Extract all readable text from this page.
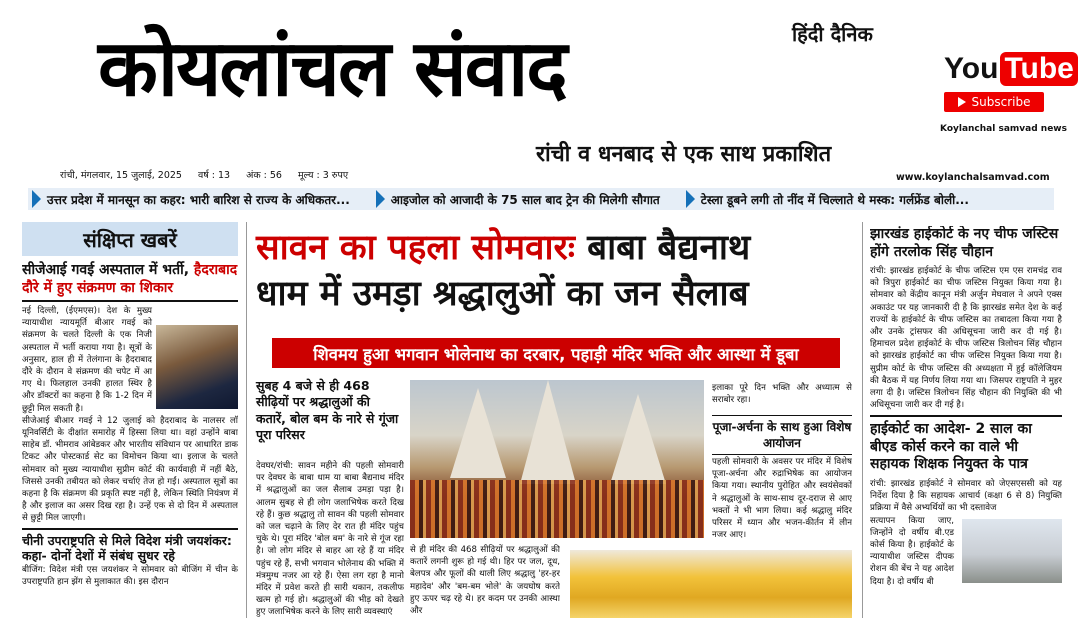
हिंदी दैनिक
कोयलांचल संवाद
रांची व धनबाद से एक साथ प्रकाशित
You Tube
Subscribe
Koylanchal samvad news
रांची, मंगलवार, 15 जुलाई, 2025 वर्ष : 13 अंक : 56 मूल्य : 3 रुपए	www.koylanchalsamvad.com
उत्तर प्रदेश में मानसून का कहर: भारी बारिश से राज्य के अधिकतर...	आइजोल को आजादी के 75 साल बाद ट्रेन की मिलेगी सौगात	टेस्ला डूबने लगी तो नींद में चिल्लाते थे मस्क: गर्लफ्रेंड बोली...
संक्षिप्त खबरें
सीजेआई गवई अस्पताल में भर्ती, हैदराबाद दौरे में हुए संक्रमण का शिकार
नई दिल्ली, (ईएमएस)। देश के मुख्य न्यायाधीश न्यायमूर्ति बीआर गवई को संक्रमण के चलते दिल्ली के एक निजी अस्पताल में भर्ती कराया गया है। सूत्रों के अनुसार, हाल ही में तेलंगाना के हैदराबाद दौरे के दौरान वे संक्रमण की चपेट में आ गए थे। फिलहाल उनकी हालत स्थिर है और डॉक्टरों का कहना है कि 1-2 दिन में छुट्टी मिल सकती है।
सीजेआई बीआर गवई ने 12 जुलाई को हैदराबाद के नालसर लॉ यूनिवर्सिटी के दीक्षांत समारोह में हिस्सा लिया था। वहां उन्होंने बाबा साहेब डॉ. भीमराव आंबेडकर और भारतीय संविधान पर आधारित डाक टिकट और पोस्टकार्ड सेट का विमोचन किया था। इलाज के चलते सोमवार को मुख्य न्यायाधीश सुप्रीम कोर्ट की कार्यवाही में नहीं बैठे, जिससे उनकी तबीयत को लेकर चर्चाएं तेज हो गईं। अस्पताल सूत्रों का कहना है कि संक्रमण की प्रकृति स्पष्ट नहीं है, लेकिन स्थिति नियंत्रण में है और इलाज का असर दिख रहा है। उन्हें एक से दो दिन में अस्पताल से छुट्टी मिल जाएगी।
चीनी उपराष्ट्रपति से मिले विदेश मंत्री जयशंकर: कहा- दोनों देशों में संबंध सुधर रहे
बीजिंग: विदेश मंत्री एस जयशंकर ने सोमवार को बीजिंग में चीन के उपराष्ट्रपति हान झेंग से मुलाकात की। इस दौरान
सावन का पहला सोमवारः बाबा बैद्यनाथ
धाम में उमड़ा श्रद्धालुओं का जन सैलाब
शिवमय हुआ भगवान भोलेनाथ का दरबार, पहाड़ी मंदिर भक्ति और आस्था में डूबा
सुबह 4 बजे से ही 468 सीढ़ियों पर श्रद्धालुओं की कतारें, बोल बम के नारे से गूंजा पूरा परिसर
देवघर/रांची: सावन महीने की पहली सोमवारी पर देवघर के बाबा धाम या बाबा बैद्यनाथ मंदिर में श्रद्धालुओं का जल सैलाब उमड़ा पड़ा है। आलम सुबह से ही लोग जलाभिषेक करते दिख रहे हैं। कुछ श्रद्धालु तो सावन की पहली सोमवार को जल चढ़ाने के लिए देर रात ही मंदिर पहुंच चुके थे। पूरा मंदिर 'बोल बम' के नारे से गूंज रहा है। जो लोग मंदिर से बाहर आ रहे हैं या मंदिर पहुंच रहे हैं, सभी भगवान भोलेनाथ की भक्ति में मंत्रमुग्ध नजर आ रहे हैं। ऐसा लग रहा है मानो मंदिर में प्रवेश करते ही सारी थकान, तकलीफ खत्म हो गई हो। श्रद्धालुओं की भीड़ को देखते हुए जलाभिषेक करने के लिए सारी व्यवस्थाएं
इलाका पूरे दिन भक्ति और अध्यात्म से सराबोर रहा।
पूजा-अर्चना के साथ हुआ विशेष आयोजन
पहली सोमवारी के अवसर पर मंदिर में विशेष पूजा-अर्चना और रुद्राभिषेक का आयोजन किया गया। स्थानीय पुरोहित और स्वयंसेवकों ने श्रद्धालुओं के साथ-साथ दूर-दराज से आए भक्तों ने भी भाग लिया। कई श्रद्धालु मंदिर परिसर में ध्यान और भजन-कीर्तन में लीन नजर आए।
से ही मंदिर की 468 सीढ़ियों पर श्रद्धालुओं की कतारें लगनी शुरू हो गई थी। हिर पर जल, दूध, बेलपत्र और फूलों की थाली लिए श्रद्धालु 'हर-हर महादेव' और 'बम-बम भोले' के जयघोष करते हुए ऊपर चढ़ रहे थे। हर कदम पर उनकी आस्था और
झारखंड हाईकोर्ट के नए चीफ जस्टिस होंगे तरलोक सिंह चौहान
रांची: झारखंड हाईकोर्ट के चीफ जस्टिस एम एस रामचंद्र राव को त्रिपुरा हाईकोर्ट का चीफ जस्टिस नियुक्त किया गया है। सोमवार को केंद्रीय कानून मंत्री अर्जुन मेघवाल ने अपने एक्स अकाउंट पर यह जानकारी दी है कि झारखंड समेत देश के कई राज्यों के हाईकोर्ट के चीफ जस्टिस का तबादला किया गया है और उनके ट्रांसफर की अधिसूचना जारी कर दी गई है। हिमाचल प्रदेश हाईकोर्ट के चीफ जस्टिस त्रिलोचन सिंह चौहान को झारखंड हाईकोर्ट का चीफ जस्टिस नियुक्त किया गया है। सुप्रीम कोर्ट के चीफ जस्टिस की अध्यक्षता में हुई कॉलेजियम की बैठक में यह निर्णय लिया गया था। जिसपर राष्ट्रपति ने मुहर लगा दी है। जस्टिस त्रिलोचन सिंह चौहान की नियुक्ति की भी अधिसूचना जारी कर दी गई है।
हाईकोर्ट का आदेश- 2 साल का बीएड कोर्स करने का वाले भी सहायक शिक्षक नियुक्त के पात्र
रांची: झारखंड हाईकोर्ट ने सोमवार को जेएसएससी को यह निर्देश दिया है कि सहायक आचार्य (कक्षा 6 से 8) नियुक्ति प्रक्रिया में वैसे अभ्यर्थियों का भी दस्तावेज
सत्यापन किया जाए, जिन्होंने दो वर्षीय बी.एड कोर्स किया है। हाईकोर्ट के न्यायाधीश जस्टिस दीपक रोशन की बेंच ने यह आदेश दिया है। दो वर्षीय बी
